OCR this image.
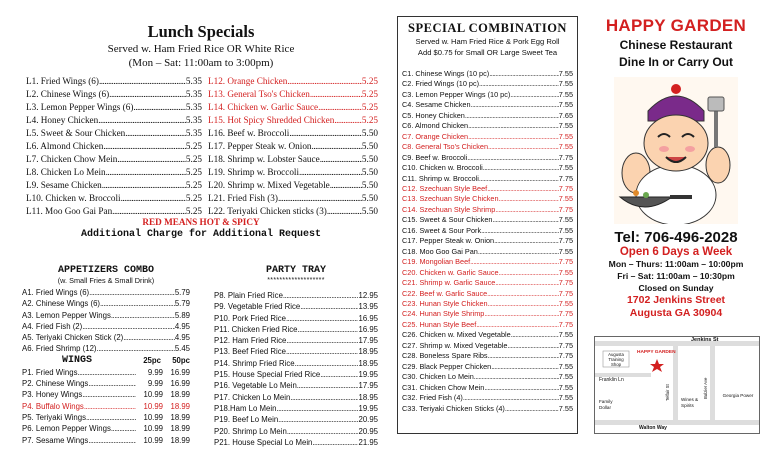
Lunch Specials
Served w. Ham Fried Rice OR White Rice
(Mon – Sat: 11:00am to 3:00pm)
L1. Fried Wings (6) .....	5.35
L2. Chinese Wings (6) .....	5.35
L3. Lemon Pepper Wings (6) .....	5.35
L4. Honey Chicken .....	5.35
L5. Sweet & Sour Chicken .....	5.35
L6. Almond Chicken .....	5.25
L7. Chicken Chow Mein .....	5.25
L8. Chicken Lo Mein .....	5.25
L9. Sesame Chicken .....	5.25
L10. Chicken w. Broccoli .....	5.25
L11. Moo Goo Gai Pan .....	5.25
L12. Orange Chicken .....	5.25
L13. General Tso's Chicken .....	5.25
L14. Chicken w. Garlic Sauce .....	5.25
L15. Hot Spicy Shredded Chicken .....	5.25
L16. Beef w. Broccoli .....	5.50
L17. Pepper Steak w. Onion .....	5.50
L18. Shrimp w. Lobster Sauce .....	5.50
L19. Shrimp w. Broccoli .....	5.50
L20. Shrimp w. Mixed Vegetable .....	5.50
L21. Fried Fish (3) .....	5.50
L22. Teriyaki Chicken sticks (3) .....	5.50
RED MEANS HOT & SPICY
Additional Charge for Additional Request
APPETIZERS COMBO
(w. Small Fries & Small Drink)
A1. Fried Wings (6) .....	5.79
A2. Chinese Wings (6) .....	5.79
A3. Lemon Pepper Wings .....	5.89
A4. Fried Fish (2) .....	4.95
A5. Teriyaki Chicken Stick (2) .....	4.95
A6. Fried Shrimp (12) .....	5.45
WINGS	25pc	50pc
P1. Fried Wings .....	9.99 16.99
P2. Chinese Wings .....	9.99 16.99
P3. Honey Wings .....	10.99 18.99
P4. Buffalo Wings .....	10.99 18.99
P5. Teriyaki Wings .....	10.99 18.99
P6. Lemon Pepper Wings .....	10.99 18.99
P7. Sesame Wings .....	10.99 18.99
PARTY TRAY
*******************
P8. Plain Fried Rice .....	12.95
P9. Vegetable Fried Rice .....	13.95
P10. Pork Fried Rice .....	16.95
P11. Chicken Fried Rice .....	16.95
P12. Ham Fried Rice .....	17.95
P13. Beef Fried Rice .....	18.95
P14. Shrimp Fried Rice .....	18.95
P15. House Special Fried Rice .....	19.95
P16. Vegetable Lo Mein .....	17.95
P17. Chicken Lo Mein .....	18.95
P18.Ham Lo Mein .....	19.95
P19. Beef Lo Mein .....	20.95
P20. Shrimp Lo Mein .....	20.95
P21. House Special Lo Mein .....	21.95
SPECIAL COMBINATION
Served w. Ham Fried Rice & Pork Egg Roll
Add $0.75 for Small OR Large Sweet Tea
C1. Chinese Wings (10 pc) .....	7.55
C2. Fried Wings (10 pc) .....	7.55
C3. Lemon Pepper Wings (10 pc) .....	7.55
C4. Sesame Chicken .....	7.55
C5. Honey Chicken .....	7.65
C6. Almond Chicken .....	7.55
C7. Orange Chicken .....	7.55
C8. General Tso's Chicken .....	7.55
C9. Beef w. Broccoli .....	7.75
C10. Chicken w. Broccoli .....	7.55
C11. Shrimp w. Broccoli .....	7.75
C12. Szechuan Style Beef .....	7.75
C13. Szechuan Style Chicken .....	7.55
C14. Szechuan Style Shrimp .....	7.75
C15. Sweet & Sour Chicken .....	7.55
C16. Sweet & Sour Pork .....	7.55
C17. Pepper Steak w. Onion .....	7.75
C18. Moo Goo Gai Pan .....	7.55
C19. Mongolian Beef .....	7.75
C20. Chicken w. Garlic Sauce .....	7.55
C21. Shrimp w. Garlic Sauce .....	7.75
C22. Beef w. Garlic Sauce .....	7.75
C23. Hunan Style Chicken .....	7.55
C24. Hunan Style Shrimp .....	7.75
C25. Hunan Style Beef .....	7.75
C26. Chicken w. Mixed Vegetable .....	7.55
C27. Shrimp w. Mixed Vegetable .....	7.75
C28. Boneless Spare Ribs .....	7.75
C29. Black Pepper Chicken .....	7.55
C30. Chicken Lo Mein .....	7.55
C31. Chicken Chow Mein .....	7.55
C32. Fried Fish (4) .....	7.55
C33. Teriyaki Chicken Sticks (4) .....	7.55
HAPPY GARDEN
Chinese Restaurant
Dine In or Carry Out
Tel: 706-496-2028
Open 6 Days a Week
Mon – Thurs: 11:00am – 10:00pm
Fri – Sat: 11:00am – 10:30pm
Closed on Sunday
1702 Jenkins Street
Augusta GA 30904
Jenkins St
Augusta Training Shop
HAPPY GARDEN
Franklin Ln
Family Dollar
Telfair St Wines & Spirits
Bolzier Ave	Georgia Power
Walton Way
